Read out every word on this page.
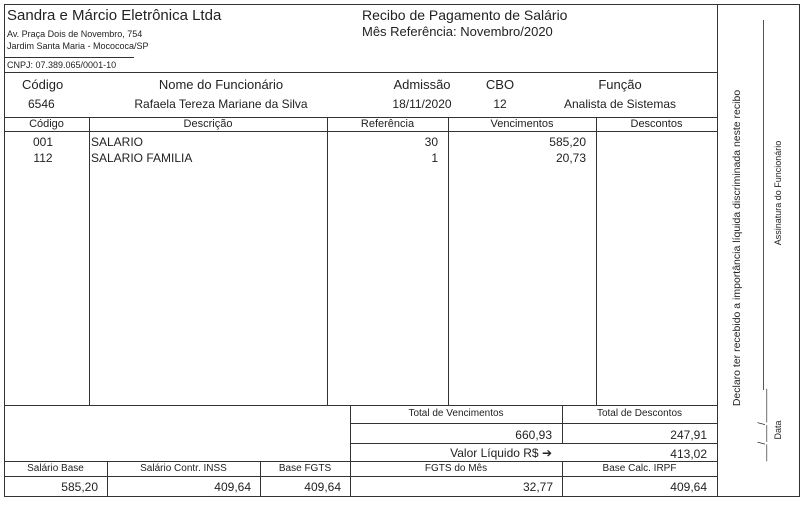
Sandra e Márcio Eletrônica Ltda
Av. Praça Dois de Novembro, 754
Jardim Santa Maria - Mocococa/SP
CNPJ: 07.389.065/0001-10
Recibo de Pagamento de Salário
Mês Referência: Novembro/2020
Código	Nome do Funcionário	Admissão	CBO	Função
6546	Rafaela Tereza Mariane da Silva	18/11/2020	12	Analista de Sistemas
Código	Descrição	Referência	Vencimentos	Descontos
001	SALARIO	30	585,20
112	SALARIO FAMILIA	1	20,73
Total de Vencimentos	Total de Descontos
660,93	247,91
Valor Líquido R$ ➔	413,02
Salário Base	Salário Contr. INSS	Base FGTS	FGTS do Mês	Base Calc. IRPF
585,20	409,64	409,64	32,77	409,64
Declaro ter recebido a importância líquida discriminada neste recibo	Assinatura do Funcionário
___/___/______ Data
